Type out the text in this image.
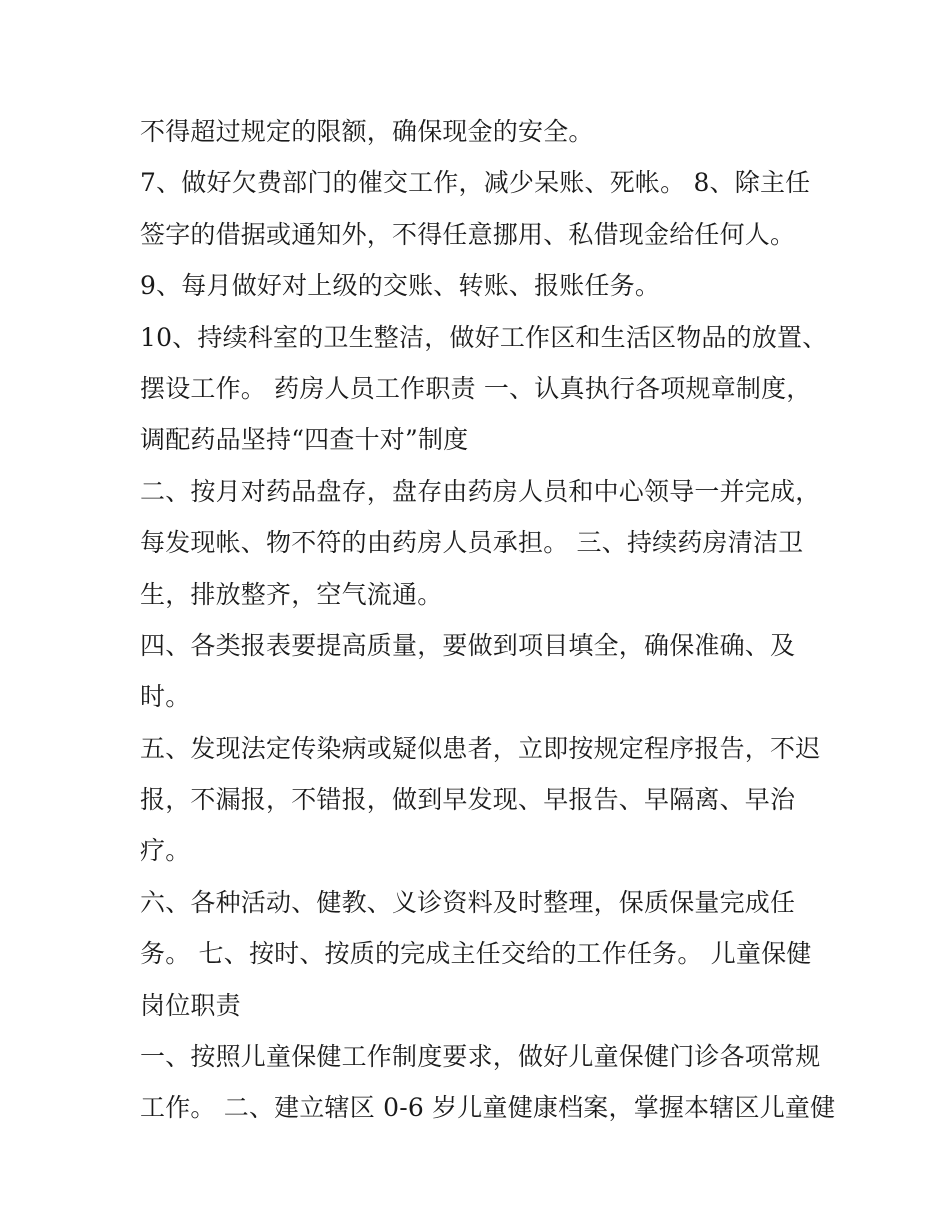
不得超过规定的限额，确保现金的安全。
7、做好欠费部门的催交工作，减少呆账、死帐。 8、除主任
签字的借据或通知外，不得任意挪用、私借现金给任何人。
9、每月做好对上级的交账、转账、报账任务。
10、持续科室的卫生整洁，做好工作区和生活区物品的放置、
摆设工作。 药房人员工作职责 一、认真执行各项规章制度，
调配药品坚持“四查十对”制度
二、按月对药品盘存，盘存由药房人员和中心领导一并完成，
每发现帐、物不符的由药房人员承担。 三、持续药房清洁卫
生，排放整齐，空气流通。
四、各类报表要提高质量，要做到项目填全，确保准确、及
时。
五、发现法定传染病或疑似患者，立即按规定程序报告，不迟
报，不漏报，不错报，做到早发现、早报告、早隔离、早治
疗。
六、各种活动、健教、义诊资料及时整理，保质保量完成任
务。 七、按时、按质的完成主任交给的工作任务。 儿童保健
岗位职责
一、按照儿童保健工作制度要求，做好儿童保健门诊各项常规
工作。 二、建立辖区 0-6 岁儿童健康档案，掌握本辖区儿童健
